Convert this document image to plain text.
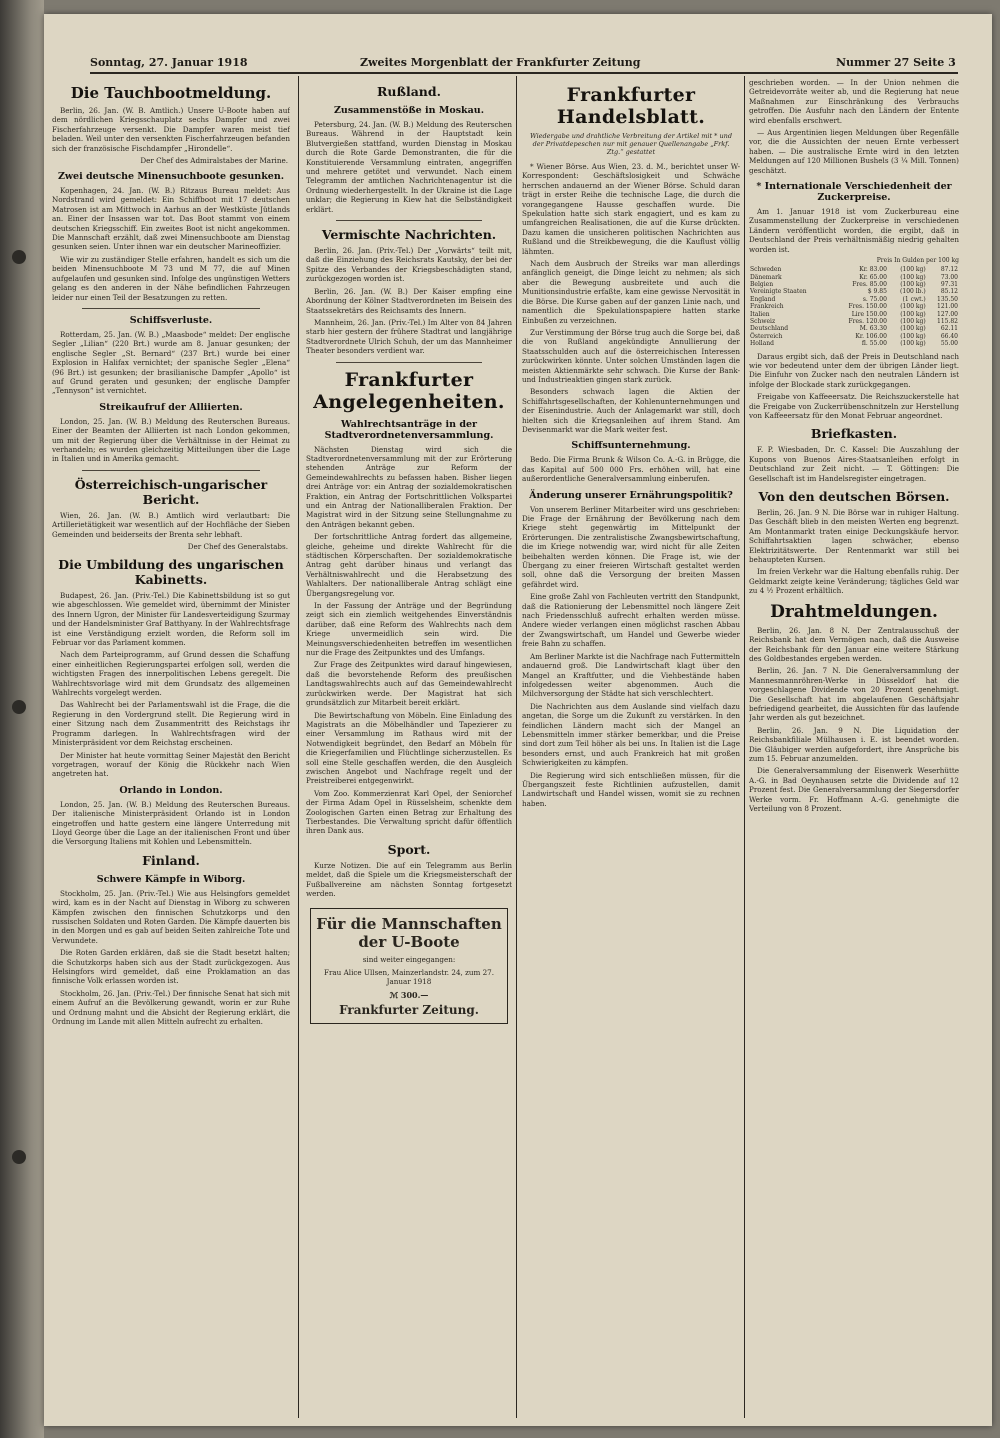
Sonntag, 27. Januar 1918	Zweites Morgenblatt der Frankfurter Zeitung	Nummer 27 Seite 3
Die Tauchbootmeldung.

Berlin, 26. Jan. (W. B. Amtlich.) Unsere U-Boote haben auf dem nördlichen Kriegsschauplatz sechs Dampfer und zwei Fischerfahrzeuge versenkt. Die Dampfer waren meist tief beladen. Weil unter den versenkten Fischerfahrzeugen befanden sich der französische Fischdampfer „Hirondelle“.

Der Chef des Admiralstabes der Marine.
Zwei deutsche Minensuchboote gesunken.

Kopenhagen, 24. Jan. (W. B.) Ritzaus Bureau meldet: Aus Nordstrand wird gemeldet: Ein Schiffboot mit 17 deutschen Matrosen ist am Mittwoch in Aarhus an der Westküste Jütlands an. Einer der Insassen war tot. Das Boot stammt von einem deutschen Kriegsschiff. Ein zweites Boot ist nicht angekommen. Die Mannschaft erzählt, daß zwei Minensuchboote am Dienstag gesunken seien. Unter ihnen war ein deutscher Marineoffizier.

Wie wir zu zuständiger Stelle erfahren, handelt es sich um die beiden Minensuchboote M 73 und M 77, die auf Minen aufgelaufen und gesunken sind. Infolge des ungünstigen Wetters gelang es den anderen in der Nähe befindlichen Fahrzeugen leider nur einen Teil der Besatzungen zu retten.

Schiffsverluste.

Rotterdam, 25. Jan. (W. B.) „Maasbode“ meldet: Der englische Segler „Lilian“ (220 Brt.) wurde am 8. Januar gesunken; der englische Segler „St. Bernard“ (237 Brt.) wurde bei einer Explosion in Halifax vernichtet; der spanische Segler „Elena“ (96 Brt.) ist gesunken; der brasilianische Dampfer „Apollo“ ist auf Grund geraten und gesunken; der englische Dampfer „Tennyson“ ist vernichtet.

Streikaufruf der Alliierten.

London, 25. Jan. (W. B.) Meldung des Reuterschen Bureaus. Einer der Beamten der Alliierten ist nach London gekommen, um mit der Regierung über die Verhältnisse in der Heimat zu verhandeln; es wurden gleichzeitig Mitteilungen über die Lage in Italien und in Amerika gemacht.

Österreichisch-ungarischer Bericht.

Wien, 26. Jan. (W. B.) Amtlich wird verlautbart: Die Artillerietätigkeit war wesentlich auf der Hochfläche der Sieben Gemeinden und beiderseits der Brenta sehr lebhaft.

Der Chef des Generalstabs.
Die Umbildung des ungarischen Kabinetts.

Budapest, 26. Jan. (Priv.-Tel.) Die Kabinettsbildung ist so gut wie abgeschlossen. Wie gemeldet wird, übernimmt der Minister des Innern Ugron, der Minister für Landesverteidigung Szurmay und der Handelsminister Graf Batthyany. In der Wahlrechtsfrage ist eine Verständigung erzielt worden, die Reform soll im Februar vor das Parlament kommen.

Nach dem Parteiprogramm, auf Grund dessen die Schaffung einer einheitlichen Regierungspartei erfolgen soll, werden die wichtigsten Fragen des innerpolitischen Lebens geregelt. Die Wahlrechtsvorlage wird mit dem Grundsatz des allgemeinen Wahlrechts vorgelegt werden.

Das Wahlrecht bei der Parlamentswahl ist die Frage, die die Regierung in den Vordergrund stellt. Die Regierung wird in einer Sitzung nach dem Zusammentritt des Reichstags ihr Programm darlegen. In Wahlrechtsfragen wird der Ministerpräsident vor dem Reichstag erscheinen.

Der Minister hat heute vormittag Seiner Majestät den Bericht vorgetragen, worauf der König die Rückkehr nach Wien angetreten hat.

Orlando in London.

London, 25. Jan. (W. B.) Meldung des Reuterschen Bureaus. Der italienische Ministerpräsident Orlando ist in London eingetroffen und hatte gestern eine längere Unterredung mit Lloyd George über die Lage an der italienischen Front und über die Versorgung Italiens mit Kohlen und Lebensmitteln.

Finland.
Schwere Kämpfe in Wiborg.

Stockholm, 25. Jan. (Priv.-Tel.) Wie aus Helsingfors gemeldet wird, kam es in der Nacht auf Dienstag in Wiborg zu schweren Kämpfen zwischen den finnischen Schutzkorps und den russischen Soldaten und Roten Garden. Die Kämpfe dauerten bis in den Morgen und es gab auf beiden Seiten zahlreiche Tote und Verwundete.

Die Roten Garden erklären, daß sie die Stadt besetzt halten; die Schutzkorps haben sich aus der Stadt zurückgezogen. Aus Helsingfors wird gemeldet, daß eine Proklamation an das finnische Volk erlassen worden ist.

Stockholm, 26. Jan. (Priv.-Tel.) Der finnische Senat hat sich mit einem Aufruf an die Bevölkerung gewandt, worin er zur Ruhe und Ordnung mahnt und die Absicht der Regierung erklärt, die Ordnung im Lande mit allen Mitteln aufrecht zu erhalten.

Rußland.
Zusammenstöße in Moskau.

Petersburg, 24. Jan. (W. B.) Meldung des Reuterschen Bureaus. Während in der Hauptstadt kein Blutvergießen stattfand, wurden Dienstag in Moskau durch die Rote Garde Demonstranten, die für die Konstituierende Versammlung eintraten, angegriffen und mehrere getötet und verwundet. Nach einem Telegramm der amtlichen Nachrichtenagentur ist die Ordnung wiederhergestellt. In der Ukraine ist die Lage unklar; die Regierung in Kiew hat die Selbständigkeit erklärt.

Vermischte Nachrichten.

Berlin, 26. Jan. (Priv.-Tel.) Der „Vorwärts“ teilt mit, daß die Einziehung des Reichsrats Kautsky, der bei der Spitze des Verbandes der Kriegsbeschädigten stand, zurückgezogen worden ist.

Berlin, 26. Jan. (W. B.) Der Kaiser empfing eine Abordnung der Kölner Stadtverordneten im Beisein des Staatssekretärs des Reichsamts des Innern.

Mannheim, 26. Jan. (Priv.-Tel.) Im Alter von 84 Jahren starb hier gestern der frühere Stadtrat und langjährige Stadtverordnete Ulrich Schuh, der um das Mannheimer Theater besonders verdient war.

Frankfurter Angelegenheiten.
Wahlrechtsanträge in der Stadtverordnetenversammlung.

Nächsten Dienstag wird sich die Stadtverordnetenversammlung mit der zur Erörterung stehenden Anträge zur Reform der Gemeindewahlrechts zu befassen haben. Bisher liegen drei Anträge vor: ein Antrag der sozialdemokratischen Fraktion, ein Antrag der Fortschrittlichen Volkspartei und ein Antrag der Nationalliberalen Fraktion. Der Magistrat wird in der Sitzung seine Stellungnahme zu den Anträgen bekannt geben.

Der fortschrittliche Antrag fordert das allgemeine, gleiche, geheime und direkte Wahlrecht für die städtischen Körperschaften. Der sozialdemokratische Antrag geht darüber hinaus und verlangt das Verhältniswahlrecht und die Herabsetzung des Wahlalters. Der nationalliberale Antrag schlägt eine Übergangsregelung vor.

In der Fassung der Anträge und der Begründung zeigt sich ein ziemlich weitgehendes Einverständnis darüber, daß eine Reform des Wahlrechts nach dem Kriege unvermeidlich sein wird. Die Meinungsverschiedenheiten betreffen im wesentlichen nur die Frage des Zeitpunktes und des Umfangs.

Zur Frage des Zeitpunktes wird darauf hingewiesen, daß die bevorstehende Reform des preußischen Landtagswahlrechts auch auf das Gemeindewahlrecht zurückwirken werde. Der Magistrat hat sich grundsätzlich zur Mitarbeit bereit erklärt.

Die Bewirtschaftung von Möbeln. Eine Einladung des Magistrats an die Möbelhändler und Tapezierer zu einer Versammlung im Rathaus wird mit der Notwendigkeit begründet, den Bedarf an Möbeln für die Kriegerfamilien und Flüchtlinge sicherzustellen. Es soll eine Stelle geschaffen werden, die den Ausgleich zwischen Angebot und Nachfrage regelt und der Preistreiberei entgegenwirkt.

Vom Zoo. Kommerzienrat Karl Opel, der Seniorchef der Firma Adam Opel in Rüsselsheim, schenkte dem Zoologischen Garten einen Betrag zur Erhaltung des Tierbestandes. Die Verwaltung spricht dafür öffentlich ihren Dank aus.

Sport.

Kurze Notizen. Die auf ein Telegramm aus Berlin meldet, daß die Spiele um die Kriegsmeisterschaft der Fußballvereine am nächsten Sonntag fortgesetzt werden.

Für die Mannschaften der U-Boote
sind weiter eingegangen:
Frau Alice Ullsen, Mainzerlandstr. 24, zum 27. Januar 1918
ℳ 300.—
Frankfurter Zeitung.
Frankfurter Handelsblatt.
Wiedergabe und drahtliche Verbreitung der Artikel mit * und der Privatdepeschen nur mit genauer Quellenangabe „Frkf. Ztg.“ gestattet

* Wiener Börse. Aus Wien, 23. d. M., berichtet unser W-Korrespondent: Geschäftslosigkeit und Schwäche herrschen andauernd an der Wiener Börse. Schuld daran trägt in erster Reihe die technische Lage, die durch die vorangegangene Hausse geschaffen wurde. Die Spekulation hatte sich stark engagiert, und es kam zu umfangreichen Realisationen, die auf die Kurse drückten. Dazu kamen die unsicheren politischen Nachrichten aus Rußland und die Streikbewegung, die die Kauflust völlig lähmten.

Nach dem Ausbruch der Streiks war man allerdings anfänglich geneigt, die Dinge leicht zu nehmen; als sich aber die Bewegung ausbreitete und auch die Munitionsindustrie erfaßte, kam eine gewisse Nervosität in die Börse. Die Kurse gaben auf der ganzen Linie nach, und namentlich die Spekulationspapiere hatten starke Einbußen zu verzeichnen.

Zur Verstimmung der Börse trug auch die Sorge bei, daß die von Rußland angekündigte Annullierung der Staatsschulden auch auf die österreichischen Interessen zurückwirken könnte. Unter solchen Umständen lagen die meisten Aktienmärkte sehr schwach. Die Kurse der Bank- und Industrieaktien gingen stark zurück.

Besonders schwach lagen die Aktien der Schiffahrtsgesellschaften, der Kohlenunternehmungen und der Eisenindustrie. Auch der Anlagemarkt war still, doch hielten sich die Kriegsanleihen auf ihrem Stand. Am Devisenmarkt war die Mark weiter fest.

Schiffsunternehmung.

Bedo. Die Firma Brunk & Wilson Co. A.-G. in Brügge, die das Kapital auf 500 000 Frs. erhöhen will, hat eine außerordentliche Generalversammlung einberufen.

Änderung unserer Ernährungspolitik?

Von unserem Berliner Mitarbeiter wird uns geschrieben: Die Frage der Ernährung der Bevölkerung nach dem Kriege steht gegenwärtig im Mittelpunkt der Erörterungen. Die zentralistische Zwangsbewirtschaftung, die im Kriege notwendig war, wird nicht für alle Zeiten beibehalten werden können. Die Frage ist, wie der Übergang zu einer freieren Wirtschaft gestaltet werden soll, ohne daß die Versorgung der breiten Massen gefährdet wird.

Eine große Zahl von Fachleuten vertritt den Standpunkt, daß die Rationierung der Lebensmittel noch längere Zeit nach Friedensschluß aufrecht erhalten werden müsse. Andere wieder verlangen einen möglichst raschen Abbau der Zwangswirtschaft, um Handel und Gewerbe wieder freie Bahn zu schaffen.

Am Berliner Markte ist die Nachfrage nach Futtermitteln andauernd groß. Die Landwirtschaft klagt über den Mangel an Kraftfutter, und die Viehbestände haben infolgedessen weiter abgenommen. Auch die Milchversorgung der Städte hat sich verschlechtert.

Die Nachrichten aus dem Auslande sind vielfach dazu angetan, die Sorge um die Zukunft zu verstärken. In den feindlichen Ländern macht sich der Mangel an Lebensmitteln immer stärker bemerkbar, und die Preise sind dort zum Teil höher als bei uns. In Italien ist die Lage besonders ernst, und auch Frankreich hat mit großen Schwierigkeiten zu kämpfen.

Die Regierung wird sich entschließen müssen, für die Übergangszeit feste Richtlinien aufzustellen, damit Landwirtschaft und Handel wissen, womit sie zu rechnen haben.

geschrieben worden. — In der Union nehmen die Getreidevorräte weiter ab, und die Regierung hat neue Maßnahmen zur Einschränkung des Verbrauchs getroffen. Die Ausfuhr nach den Ländern der Entente wird ebenfalls erschwert.

— Aus Argentinien liegen Meldungen über Regenfälle vor, die die Aussichten der neuen Ernte verbessert haben. — Die australische Ernte wird in den letzten Meldungen auf 120 Millionen Bushels (3 ¼ Mill. Tonnen) geschätzt.

* Internationale Verschiedenheit der Zuckerpreise.

Am 1. Januar 1918 ist vom Zuckerbureau eine Zusammenstellung der Zuckerpreise in verschiedenen Ländern veröffentlicht worden, die ergibt, daß in Deutschland der Preis verhältnismäßig niedrig gehalten worden ist.

Preis In Gulden per 100 kg
Schweden	Kr. 83.00	(100 kg)	87.12
Dänemark	Kr. 65.00	(100 kg)	73.00
Belgien	Fres. 85.00	(100 kg)	97.31
Vereinigte Staaten	$ 9.85	(100 lb.)	85.12
England	s. 75.00	(1 cwt.)	135.50
Frankreich	Fres. 150.00	(100 kg)	121.00
Italien	Lire 150.00	(100 kg)	127.00
Schweiz	Fres. 120.00	(100 kg)	115.82
Deutschland	M. 63.30	(100 kg)	62.11
Österreich	Kr. 106.00	(100 kg)	66.40
Holland	fl. 55.00	(100 kg)	55.00

Daraus ergibt sich, daß der Preis in Deutschland nach wie vor bedeutend unter dem der übrigen Länder liegt. Die Einfuhr von Zucker nach den neutralen Ländern ist infolge der Blockade stark zurückgegangen.

Freigabe von Kaffeeersatz. Die Reichszuckerstelle hat die Freigabe von Zuckerrübenschnitzeln zur Herstellung von Kaffeeersatz für den Monat Februar angeordnet.

Briefkasten.

F. P. Wiesbaden, Dr. C. Kassel: Die Auszahlung der Kupons von Buenos Aires-Staatsanleihen erfolgt in Deutschland zur Zeit nicht. — T. Göttingen: Die Gesellschaft ist im Handelsregister eingetragen.

Von den deutschen Börsen.

Berlin, 26. Jan. 9 N. Die Börse war in ruhiger Haltung. Das Geschäft blieb in den meisten Werten eng begrenzt. Am Montanmarkt traten einige Deckungskäufe hervor. Schiffahrtsaktien lagen schwächer, ebenso Elektrizitätswerte. Der Rentenmarkt war still bei behaupteten Kursen.

Im freien Verkehr war die Haltung ebenfalls ruhig. Der Geldmarkt zeigte keine Veränderung; tägliches Geld war zu 4 ½ Prozent erhältlich.

Drahtmeldungen.

Berlin, 26. Jan. 8 N. Der Zentralausschuß der Reichsbank hat dem Vermögen nach, daß die Ausweise der Reichsbank für den Januar eine weitere Stärkung des Goldbestandes ergeben werden.

Berlin, 26. Jan. 7 N. Die Generalversammlung der Mannesmannröhren-Werke in Düsseldorf hat die vorgeschlagene Dividende von 20 Prozent genehmigt. Die Gesellschaft hat im abgelaufenen Geschäftsjahr befriedigend gearbeitet, die Aussichten für das laufende Jahr werden als gut bezeichnet.

Berlin, 26. Jan. 9 N. Die Liquidation der Reichsbankfiliale Mülhausen i. E. ist beendet worden. Die Gläubiger werden aufgefordert, ihre Ansprüche bis zum 15. Februar anzumelden.

Die Generalversammlung der Eisenwerk Weserhütte A.-G. in Bad Oeynhausen setzte die Dividende auf 12 Prozent fest. Die Generalversammlung der Siegersdorfer Werke vorm. Fr. Hoffmann A.-G. genehmigte die Verteilung von 8 Prozent.
